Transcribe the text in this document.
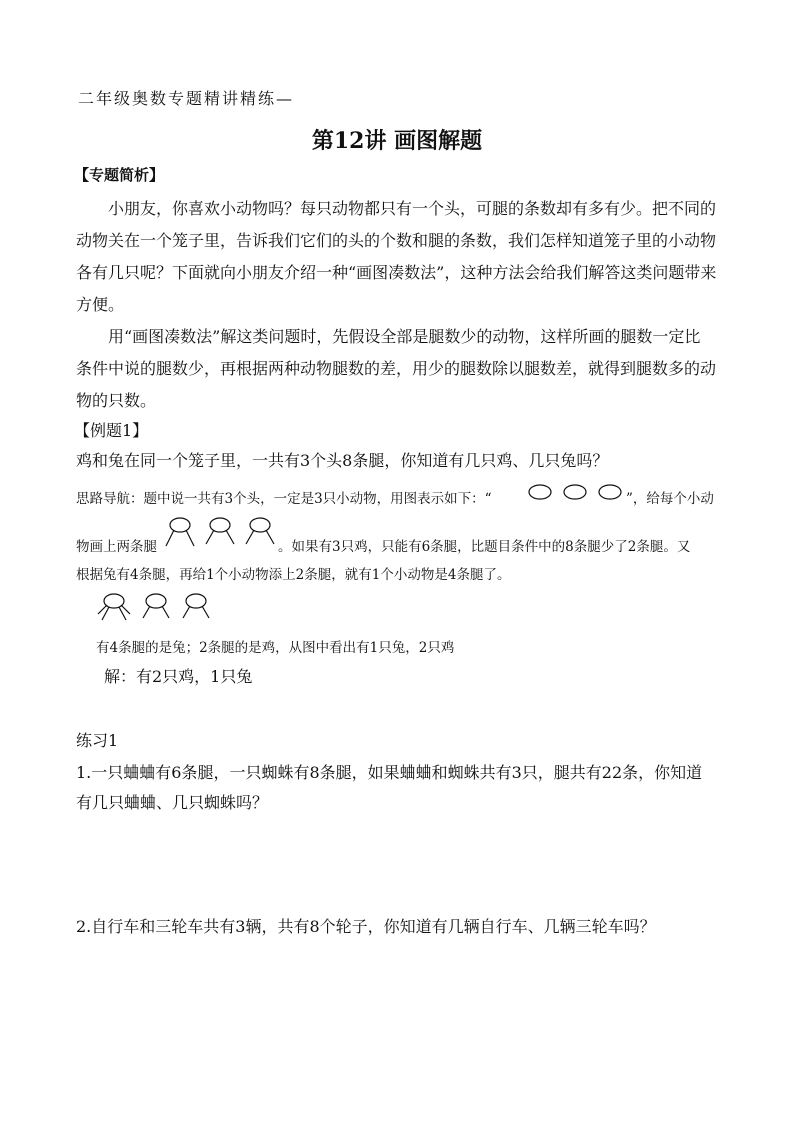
二年级奥数专题精讲精练—
第12讲 画图解题
【专题简析】
　　小朋友，你喜欢小动物吗？每只动物都只有一个头，可腿的条数却有多有少。把不同的
动物关在一个笼子里，告诉我们它们的头的个数和腿的条数，我们怎样知道笼子里的小动物
各有几只呢？下面就向小朋友介绍一种“画图凑数法”，这种方法会给我们解答这类问题带来
方便。
　　用“画图凑数法”解这类问题时，先假设全部是腿数少的动物，这样所画的腿数一定比
条件中说的腿数少，再根据两种动物腿数的差，用少的腿数除以腿数差，就得到腿数多的动
物的只数。
【例题1】
鸡和兔在同一个笼子里，一共有3个头8条腿，你知道有几只鸡、几只兔吗？
思路导航：题中说一共有3个头，一定是3只小动物，用图表示如下：“	”，给每个小动
物画上两条腿	。如果有3只鸡，只能有6条腿，比题目条件中的8条腿少了2条腿。又
根据兔有4条腿，再给1个小动物添上2条腿，就有1个小动物是4条腿了。
有4条腿的是兔；2条腿的是鸡，从图中看出有1只兔，2只鸡
解：有2只鸡，1只兔
练习1
1.一只蛐蛐有6条腿，一只蜘蛛有8条腿，如果蛐蛐和蜘蛛共有3只，腿共有22条，你知道
有几只蛐蛐、几只蜘蛛吗？
2.自行车和三轮车共有3辆，共有8个轮子，你知道有几辆自行车、几辆三轮车吗？
